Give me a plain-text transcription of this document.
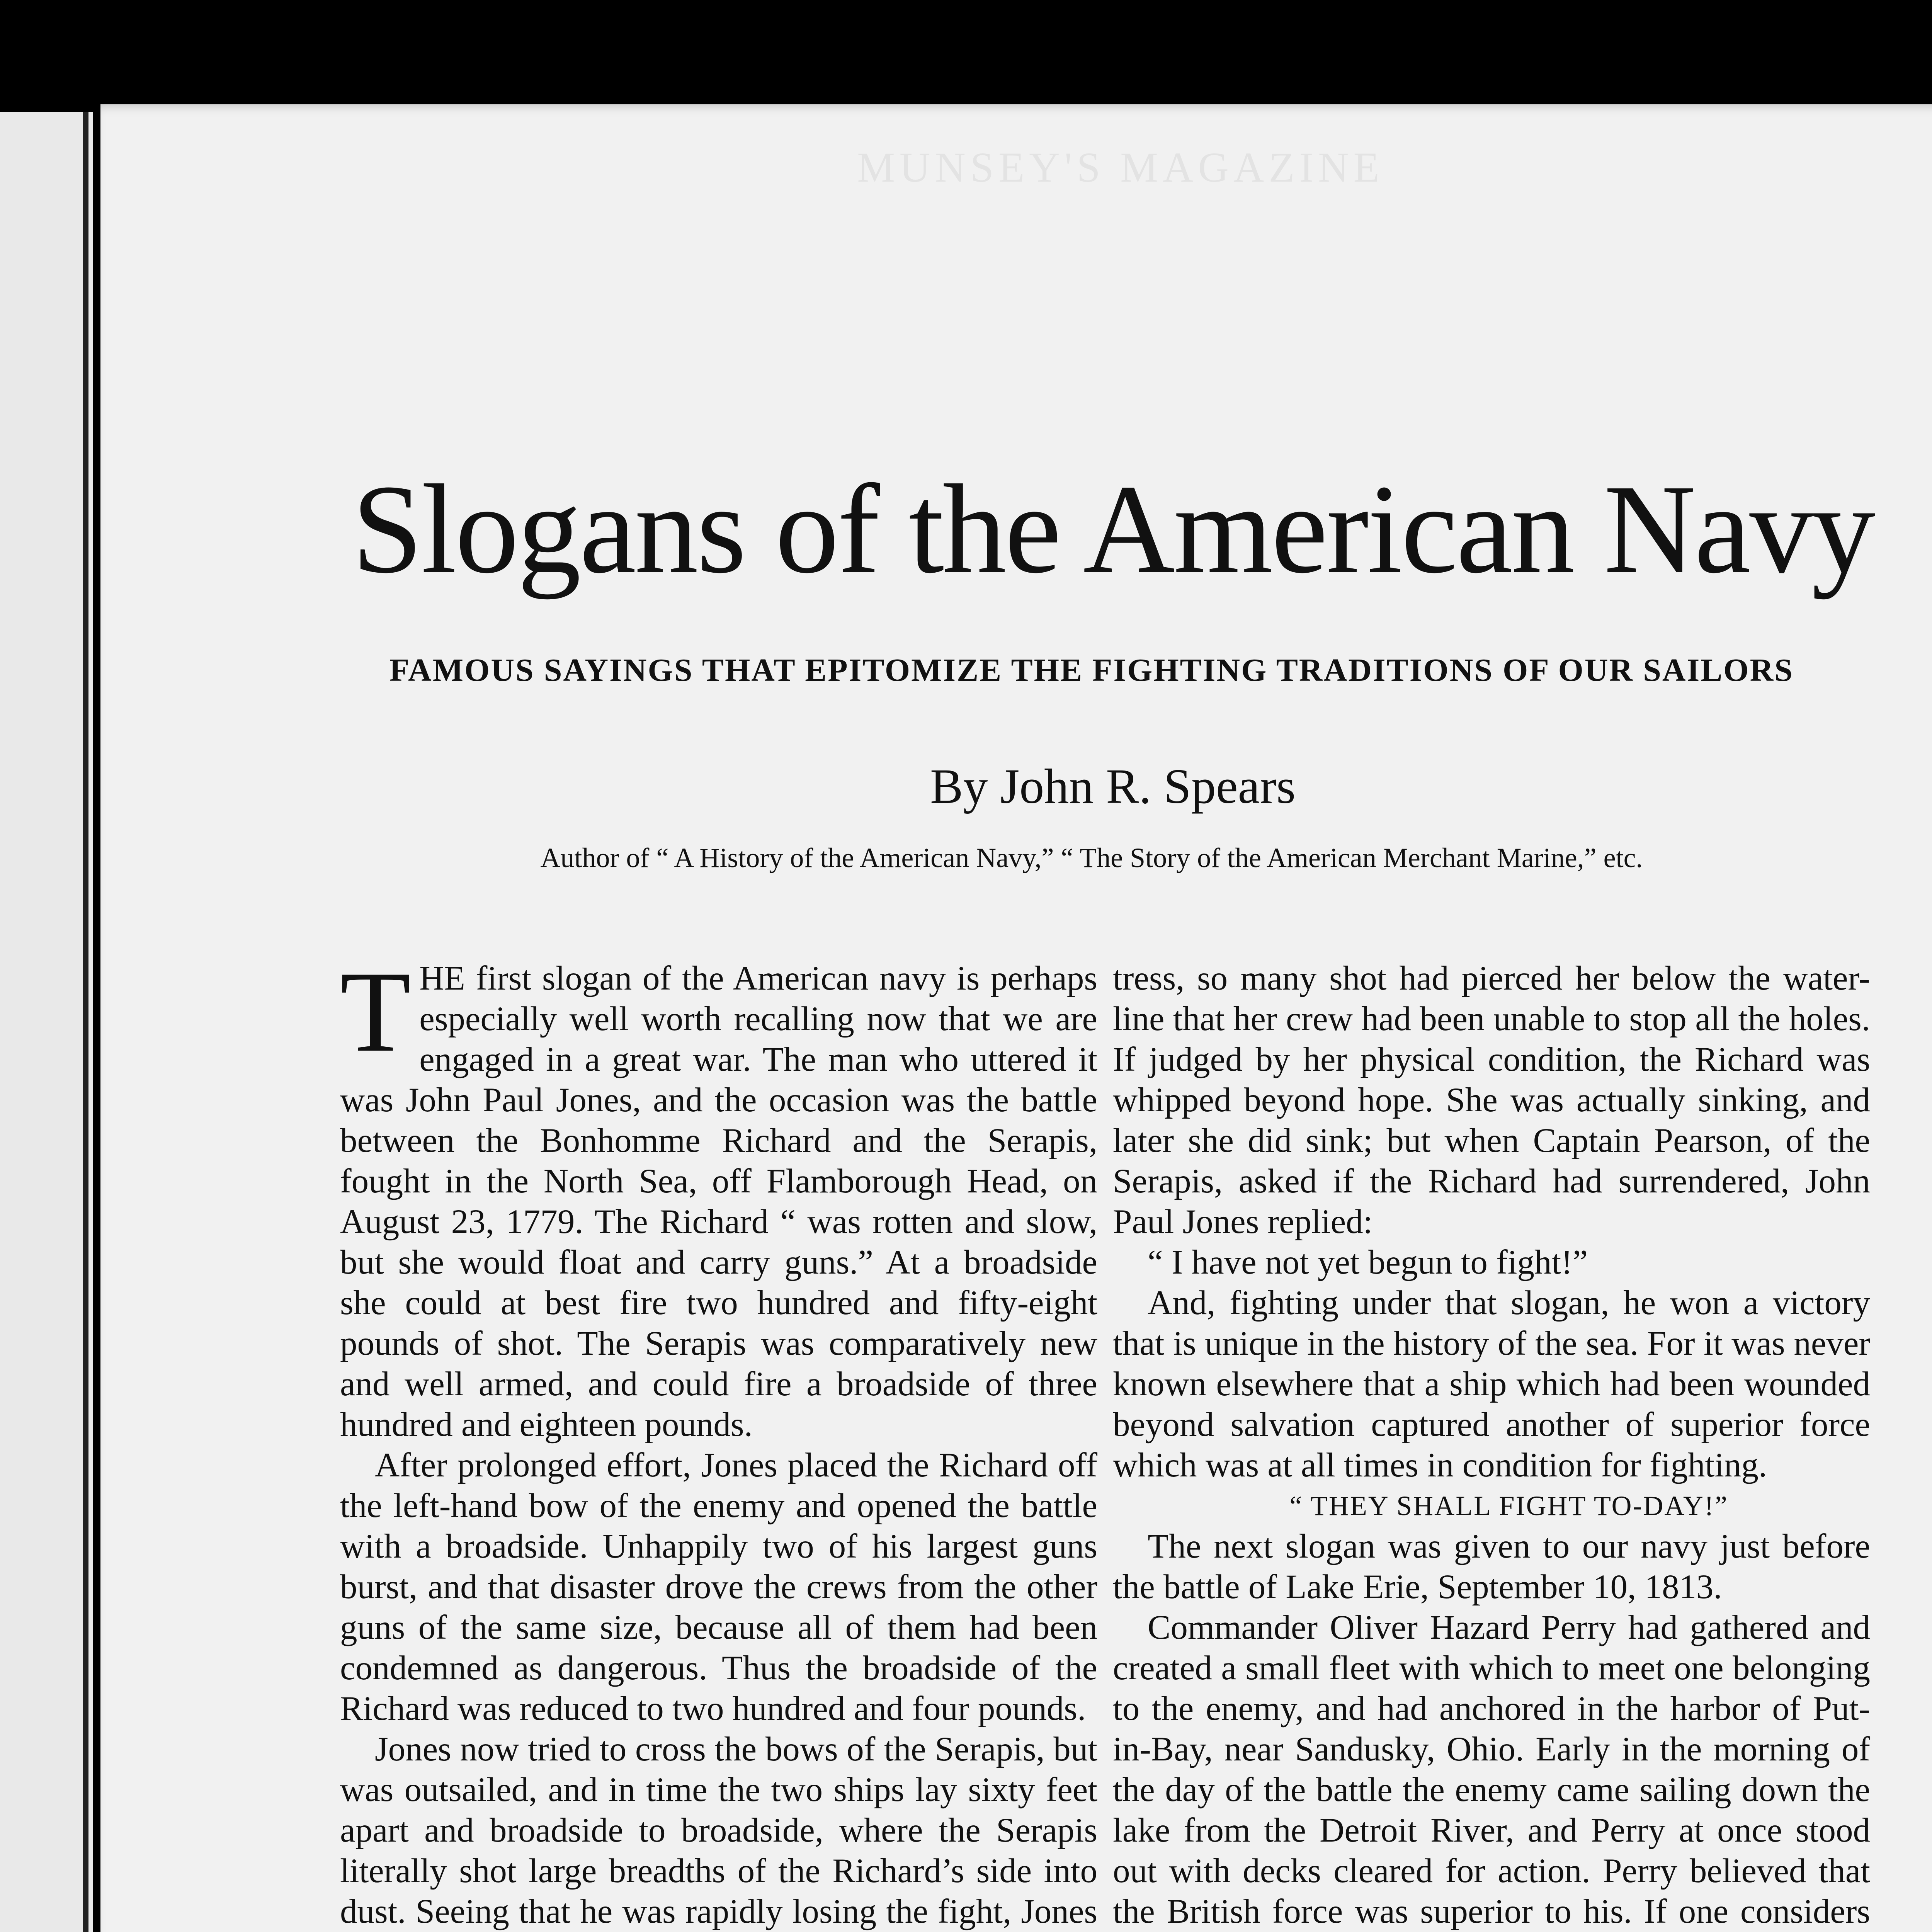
MUNSEY'S MAGAZINE
Slogans of the American Navy
FAMOUS SAYINGS THAT EPITOMIZE THE FIGHTING TRADITIONS OF OUR SAILORS
By John R. Spears
Author of “ A History of the American Navy,” “ The Story of the American Merchant Marine,” etc.

THE first slogan of the American navy is perhaps especially well worth recalling now that we are engaged in a great war. The man who uttered it was John Paul Jones, and the occasion was the battle between the Bonhomme Richard and the Serapis, fought in the North Sea, off Flamborough Head, on August 23, 1779. The Richard “ was rotten and slow, but she would float and carry guns.” At a broadside she could at best fire two hundred and fifty-eight pounds of shot. The Serapis was comparatively new and well armed, and could fire a broadside of three hundred and eighteen pounds.

After prolonged effort, Jones placed the Richard off the left-hand bow of the enemy and opened the battle with a broadside. Unhappily two of his largest guns burst, and that disaster drove the crews from the other guns of the same size, because all of them had been condemned as dangerous. Thus the broadside of the Richard was reduced to two hundred and four pounds.

Jones now tried to cross the bows of the Serapis, but was outsailed, and in time the two ships lay sixty feet apart and broadside to broadside, where the Serapis literally shot large breadths of the Richard’s side into dust. Seeing that he was rapidly losing the fight, Jones

tress, so many shot had pierced her below the water-line that her crew had been unable to stop all the holes. If judged by her physical condition, the Richard was whipped beyond hope. She was actually sinking, and later she did sink; but when Captain Pearson, of the Serapis, asked if the Richard had surrendered, John Paul Jones replied:

“ I have not yet begun to fight!”

And, fighting under that slogan, he won a victory that is unique in the history of the sea. For it was never known elsewhere that a ship which had been wounded beyond salvation captured another of superior force which was at all times in condition for fighting.

“ THEY SHALL FIGHT TO-DAY!”

The next slogan was given to our navy just before the battle of Lake Erie, September 10, 1813.

Commander Oliver Hazard Perry had gathered and created a small fleet with which to meet one belonging to the enemy, and had anchored in the harbor of Put-in-Bay, near Sandusky, Ohio. Early in the morning of the day of the battle the enemy came sailing down the lake from the Detroit River, and Perry at once stood out with decks cleared for action. Perry believed that the British force was superior to his. If one considers
